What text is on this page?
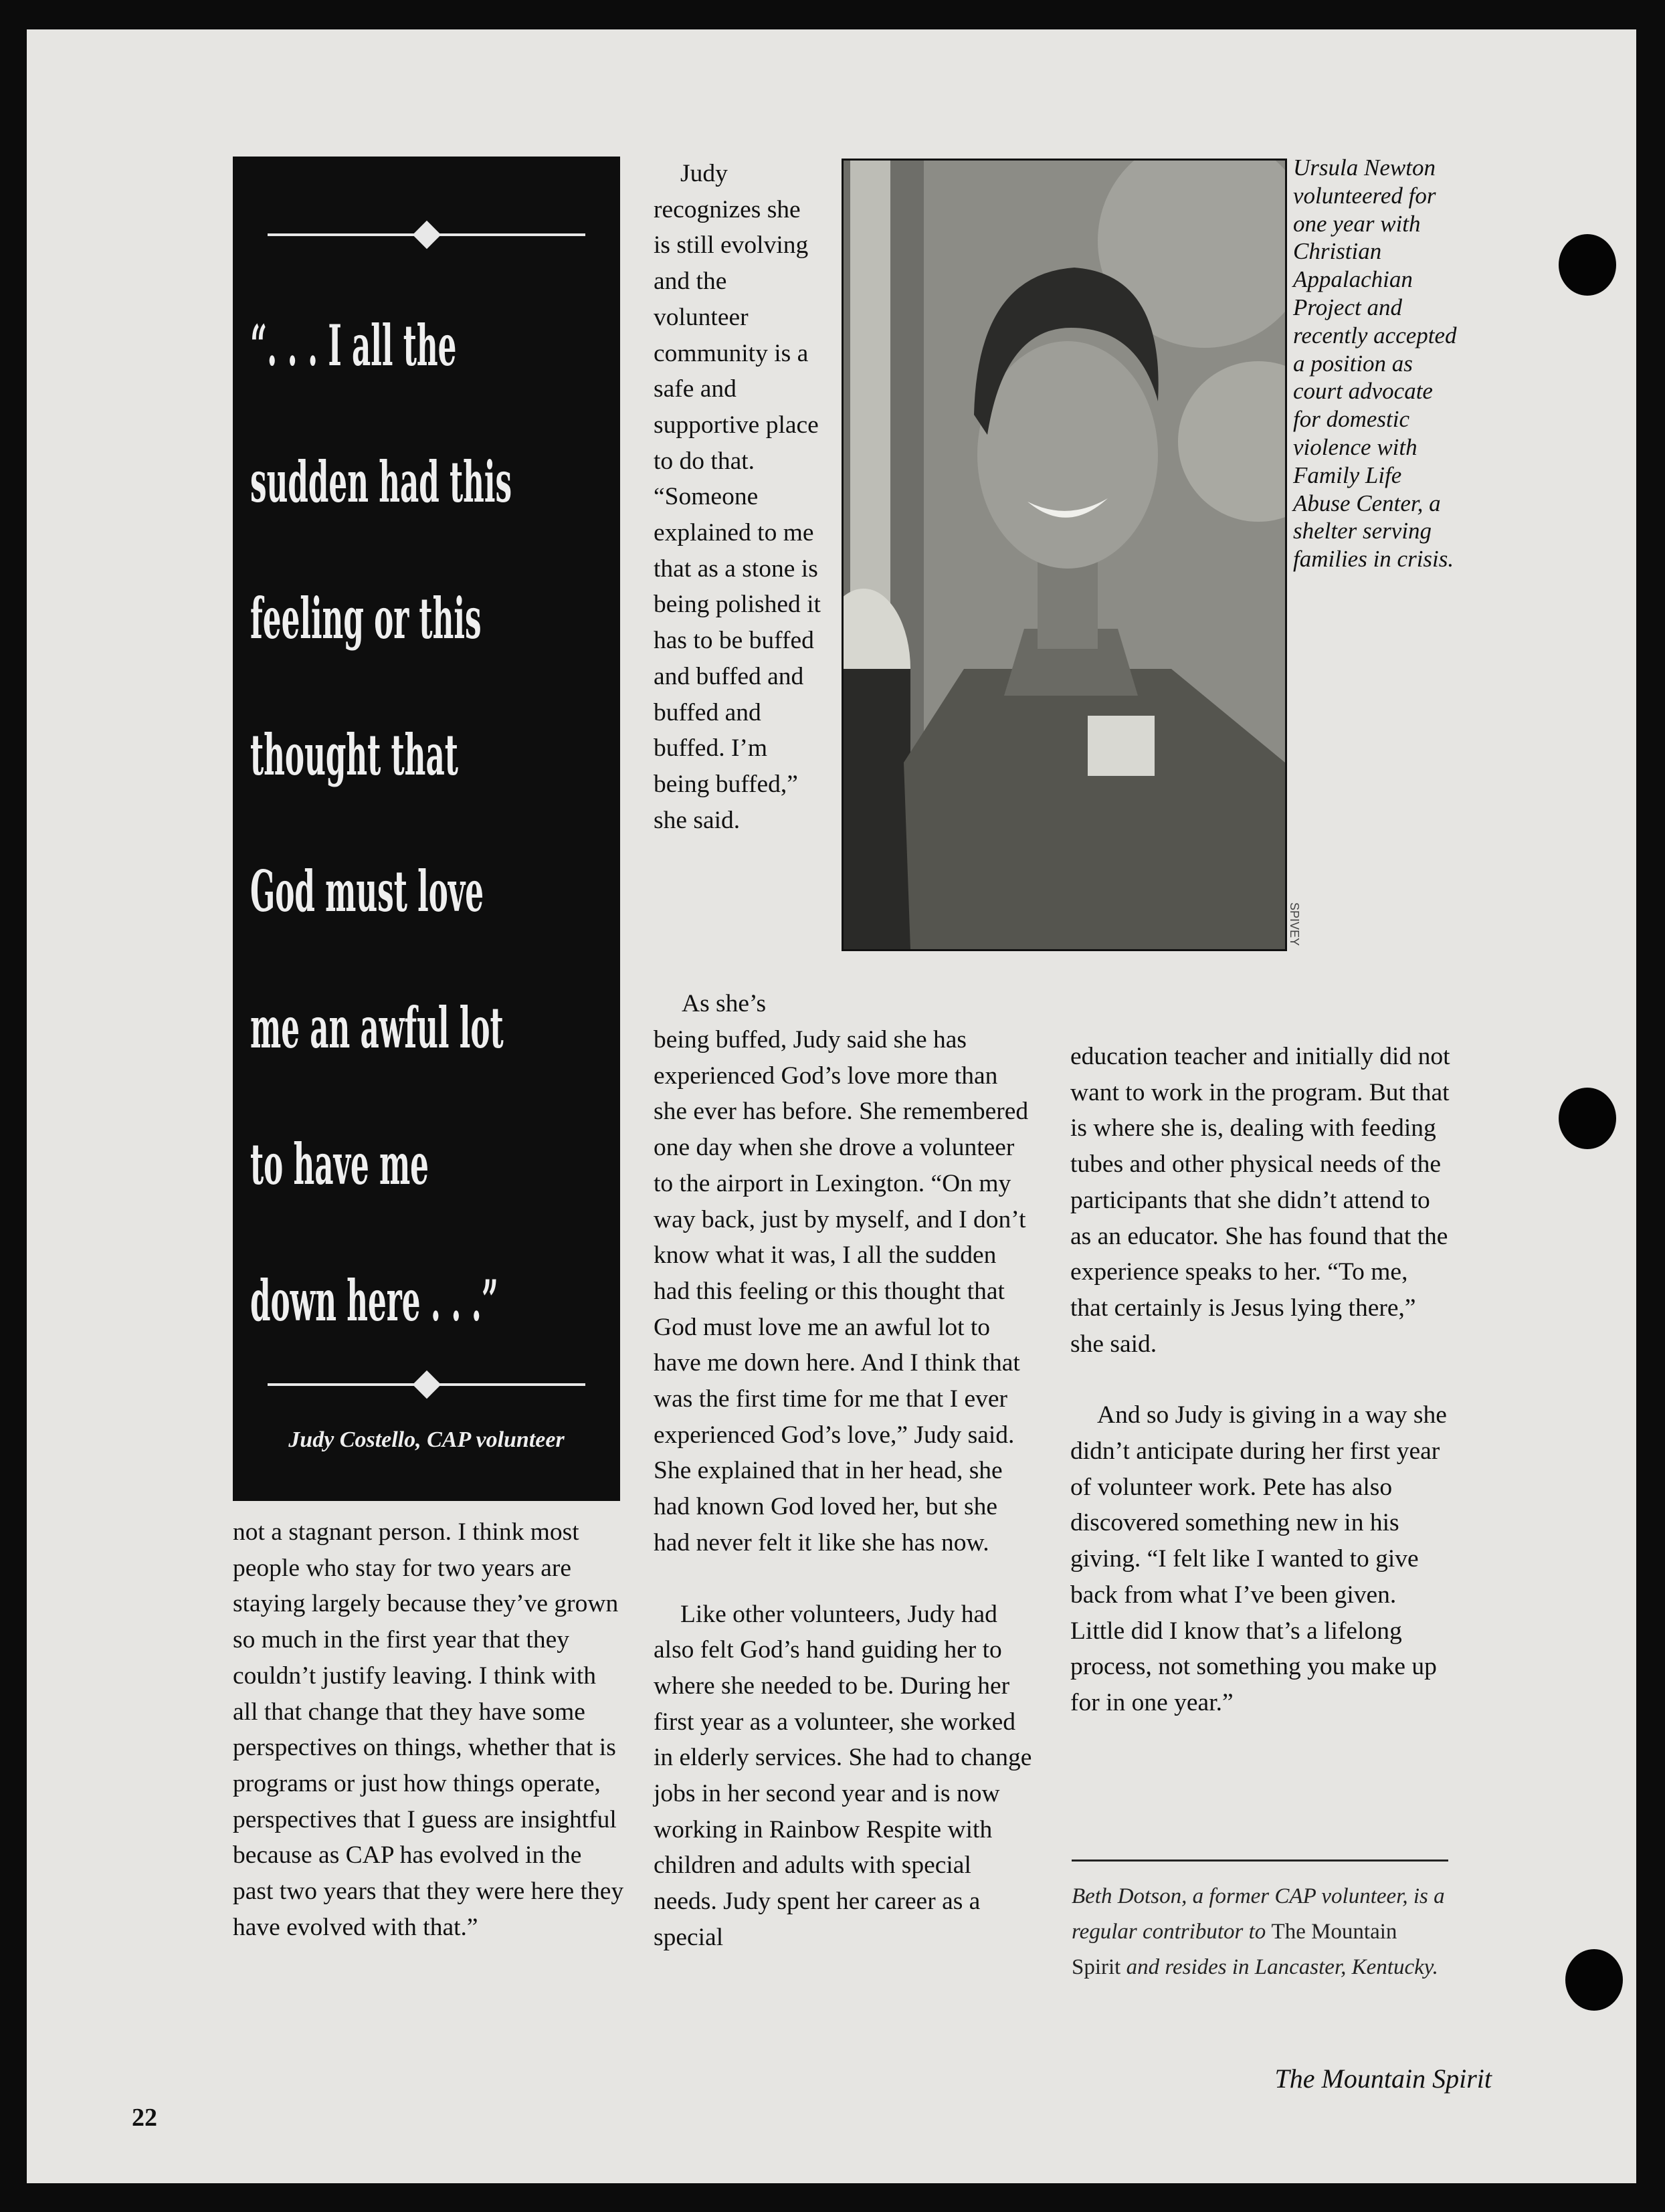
“. . . I all the
sudden had this
feeling or this
thought that
God must love
me an awful lot
to have me
down here . . .”
Judy Costello, CAP volunteer

not a stagnant person. I think most people who stay for two years are staying largely because they’ve grown so much in the first year that they couldn’t justify leaving. I think with all that change that they have some perspectives on things, whether that is programs or just how things operate, perspectives that I guess are insightful because as CAP has evolved in the past two years that they were here they have evolved with that.”

Judy recognizes she is still evolving and the volunteer community is a safe and supportive place to do that. “Someone explained to me that as a stone is being polished it has to be buffed and buffed and buffed and buffed. I’m being buffed,” she said.

As she’s

being buffed, Judy said she has experienced God’s love more than she ever has before. She remembered one day when she drove a volunteer to the airport in Lexington. “On my way back, just by myself, and I don’t know what it was, I all the sudden had this feeling or this thought that God must love me an awful lot to have me down here. And I think that was the first time for me that I ever experienced God’s love,” Judy said. She explained that in her head, she had known God loved her, but she had never felt it like she has now.

Like other volunteers, Judy had also felt God’s hand guiding her to where she needed to be. During her first year as a volunteer, she worked in elderly services. She had to change jobs in her second year and is now working in Rainbow Respite with children and adults with special needs. Judy spent her career as a special

SPIVEY
Ursula Newton volunteered for one year with Christian Appalachian Project and recently accepted a position as court advocate for domestic violence with Family Life Abuse Center, a shelter serving families in crisis.

education teacher and initially did not want to work in the program. But that is where she is, dealing with feeding tubes and other physical needs of the participants that she didn’t attend to as an educator. She has found that the experience speaks to her. “To me, that certainly is Jesus lying there,” she said.

And so Judy is giving in a way she didn’t anticipate during her first year of volunteer work. Pete has also discovered something new in his giving. “I felt like I wanted to give back from what I’ve been given. Little did I know that’s a lifelong process, not something you make up for in one year.”

Beth Dotson, a former CAP volunteer, is a regular contributor to The Mountain Spirit and resides in Lancaster, Kentucky.
The Mountain Spirit
22
